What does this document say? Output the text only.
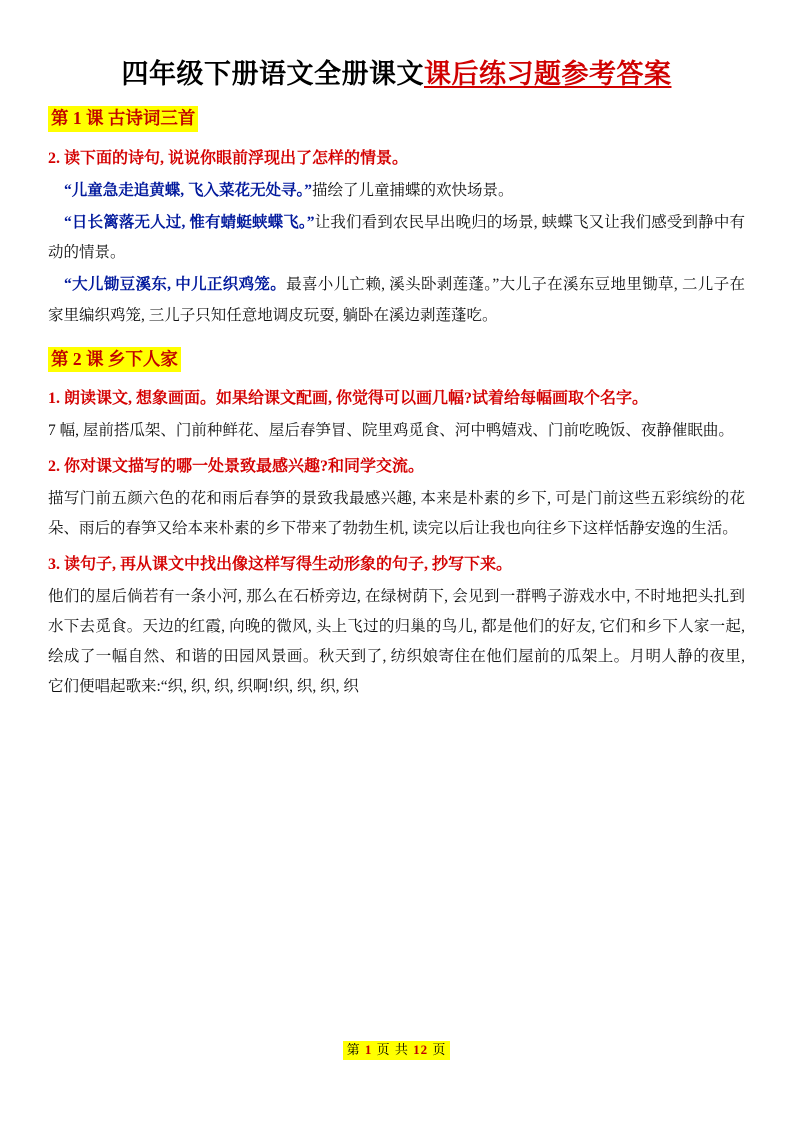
四年级下册语文全册课文课后练习题参考答案
第 1 课 古诗词三首

2. 读下面的诗句, 说说你眼前浮现出了怎样的情景。

“儿童急走追黄蝶, 飞入菜花无处寻。”描绘了儿童捕蝶的欢快场景。

“日长篱落无人过, 惟有蜻蜓蛱蝶飞。”让我们看到农民早出晚归的场景, 蛱蝶飞又让我们感受到静中有动的情景。

“大儿锄豆溪东, 中儿正织鸡笼。最喜小儿亡赖, 溪头卧剥莲蓬。”大儿子在溪东豆地里锄草, 二儿子在家里编织鸡笼, 三儿子只知任意地调皮玩耍, 躺卧在溪边剥莲蓬吃。

第 2 课 乡下人家

1. 朗读课文, 想象画面。如果给课文配画, 你觉得可以画几幅?试着给每幅画取个名字。

7 幅, 屋前搭瓜架、门前种鲜花、屋后春笋冒、院里鸡觅食、河中鸭嬉戏、门前吃晚饭、夜静催眠曲。

2. 你对课文描写的哪一处景致最感兴趣?和同学交流。

描写门前五颜六色的花和雨后春笋的景致我最感兴趣, 本来是朴素的乡下, 可是门前这些五彩缤纷的花朵、雨后的春笋又给本来朴素的乡下带来了勃勃生机, 读完以后让我也向往乡下这样恬静安逸的生活。

3. 读句子, 再从课文中找出像这样写得生动形象的句子, 抄写下来。

他们的屋后倘若有一条小河, 那么在石桥旁边, 在绿树荫下, 会见到一群鸭子游戏水中, 不时地把头扎到水下去觅食。天边的红霞, 向晚的微风, 头上飞过的归巢的鸟儿, 都是他们的好友, 它们和乡下人家一起, 绘成了一幅自然、和谐的田园风景画。秋天到了, 纺织娘寄住在他们屋前的瓜架上。月明人静的夜里, 它们便唱起歌来:“织, 织, 织, 织啊!织, 织, 织, 织

第 1 页 共 12 页
